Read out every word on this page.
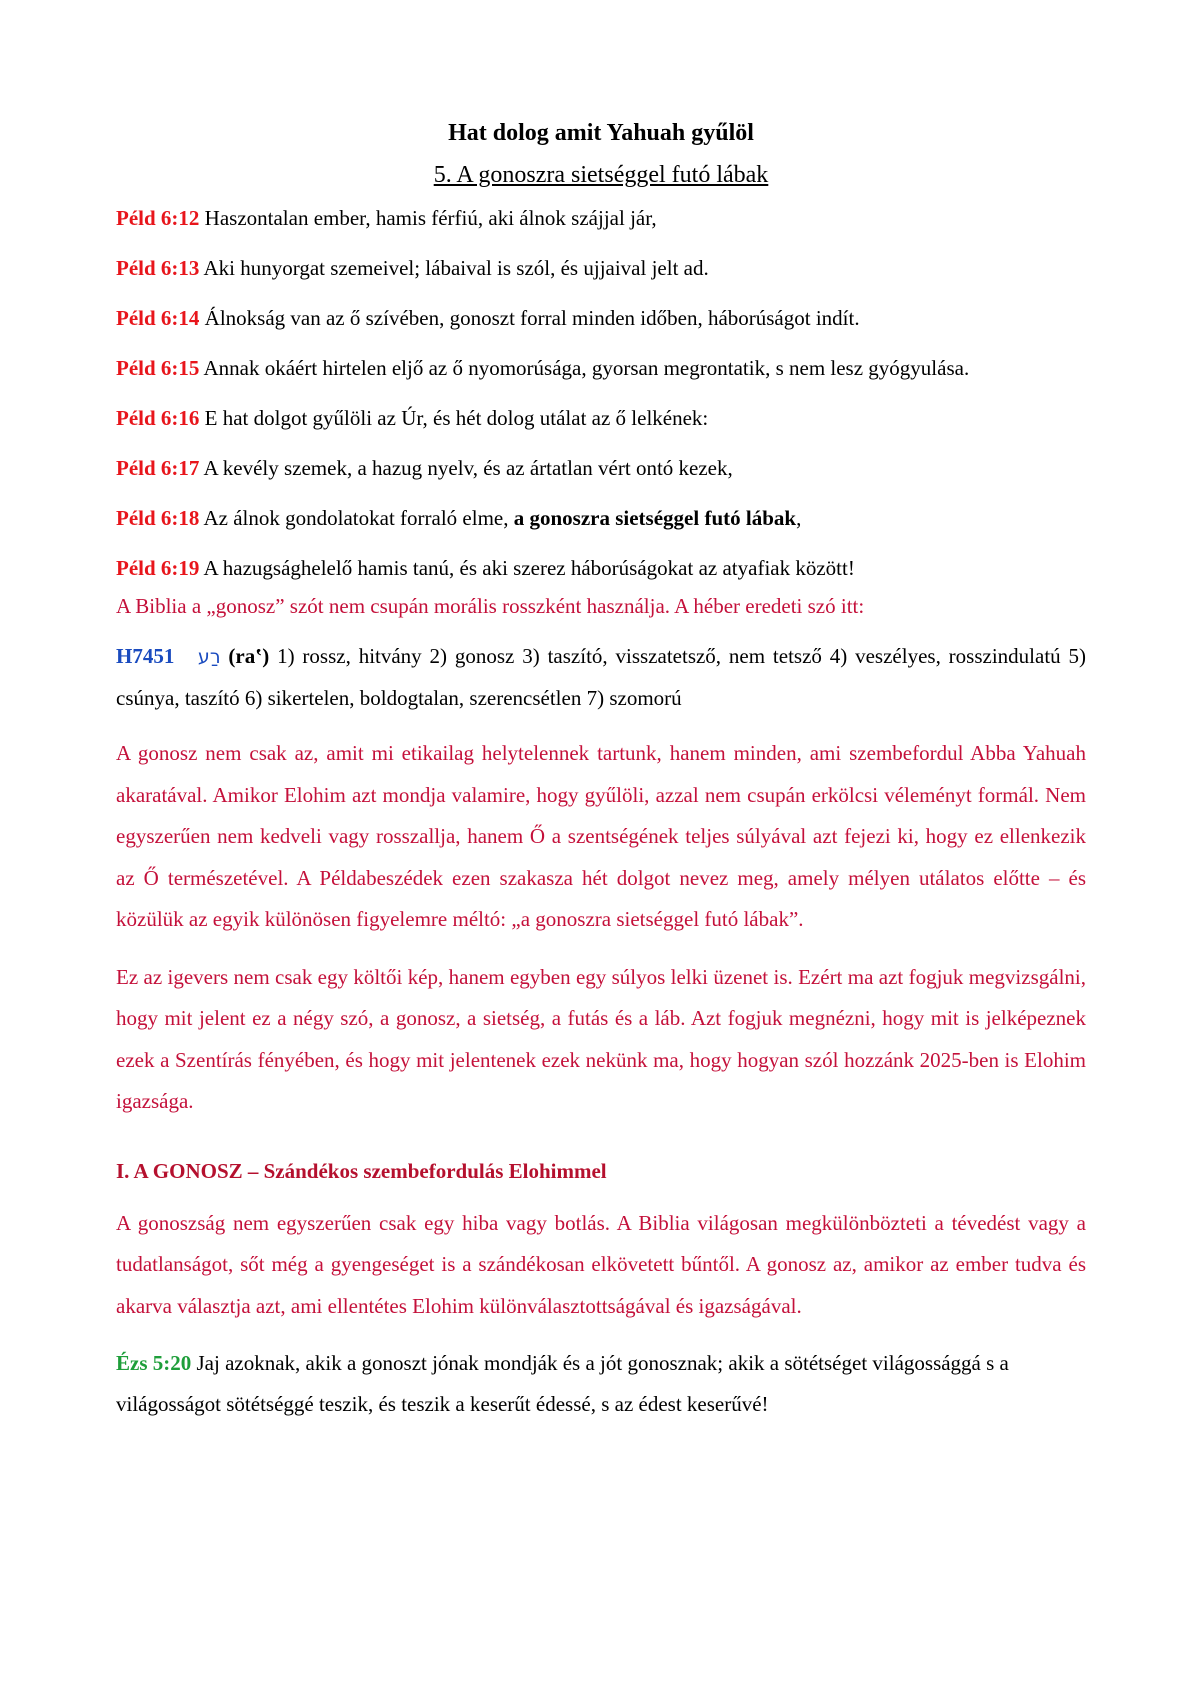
Hat dolog amit Yahuah gyűlöl
5. A gonoszra sietséggel futó lábak

Péld 6:12 Haszontalan ember, hamis férfiú, aki álnok szájjal jár,

Péld 6:13 Aki hunyorgat szemeivel; lábaival is szól, és ujjaival jelt ad.

Péld 6:14 Álnokság van az ő szívében, gonoszt forral minden időben, háborúságot indít.

Péld 6:15 Annak okáért hirtelen eljő az ő nyomorúsága, gyorsan megrontatik, s nem lesz gyógyulása.

Péld 6:16 E hat dolgot gyűlöli az Úr, és hét dolog utálat az ő lelkének:

Péld 6:17 A kevély szemek, a hazug nyelv, és az ártatlan vért ontó kezek,

Péld 6:18 Az álnok gondolatokat forraló elme, a gonoszra sietséggel futó lábak,

Péld 6:19 A hazugsághelelő hamis tanú, és aki szerez háborúságokat az atyafiak között!

A Biblia a „gonosz” szót nem csupán morális rosszként használja. A héber eredeti szó itt:

H7451 רַע (ra‛) 1) rossz, hitvány 2) gonosz 3) taszító, visszatetsző, nem tetsző 4) veszélyes, rosszindulatú 5) csúnya, taszító 6) sikertelen, boldogtalan, szerencsétlen 7) szomorú

A gonosz nem csak az, amit mi etikailag helytelennek tartunk, hanem minden, ami szembefordul Abba Yahuah akaratával. Amikor Elohim azt mondja valamire, hogy gyűlöli, azzal nem csupán erkölcsi véleményt formál. Nem egyszerűen nem kedveli vagy rosszallja, hanem Ő a szentségének teljes súlyával azt fejezi ki, hogy ez ellenkezik az Ő természetével. A Példabeszédek ezen szakasza hét dolgot nevez meg, amely mélyen utálatos előtte – és közülük az egyik különösen figyelemre méltó: „a gonoszra sietséggel futó lábak”.

Ez az igevers nem csak egy költői kép, hanem egyben egy súlyos lelki üzenet is. Ezért ma azt fogjuk megvizsgálni, hogy mit jelent ez a négy szó, a gonosz, a sietség, a futás és a láb. Azt fogjuk megnézni, hogy mit is jelképeznek ezek a Szentírás fényében, és hogy mit jelentenek ezek nekünk ma, hogy hogyan szól hozzánk 2025-ben is Elohim igazsága.

I. A GONOSZ – Szándékos szembefordulás Elohimmel

A gonoszság nem egyszerűen csak egy hiba vagy botlás. A Biblia világosan megkülönbözteti a tévedést vagy a tudatlanságot, sőt még a gyengeséget is a szándékosan elkövetett bűntől. A gonosz az, amikor az ember tudva és akarva választja azt, ami ellentétes Elohim különválasztottságával és igazságával.

Ézs 5:20 Jaj azoknak, akik a gonoszt jónak mondják és a jót gonosznak; akik a sötétséget világossággá s a világosságot sötétséggé teszik, és teszik a keserűt édessé, s az édest keserűvé!
